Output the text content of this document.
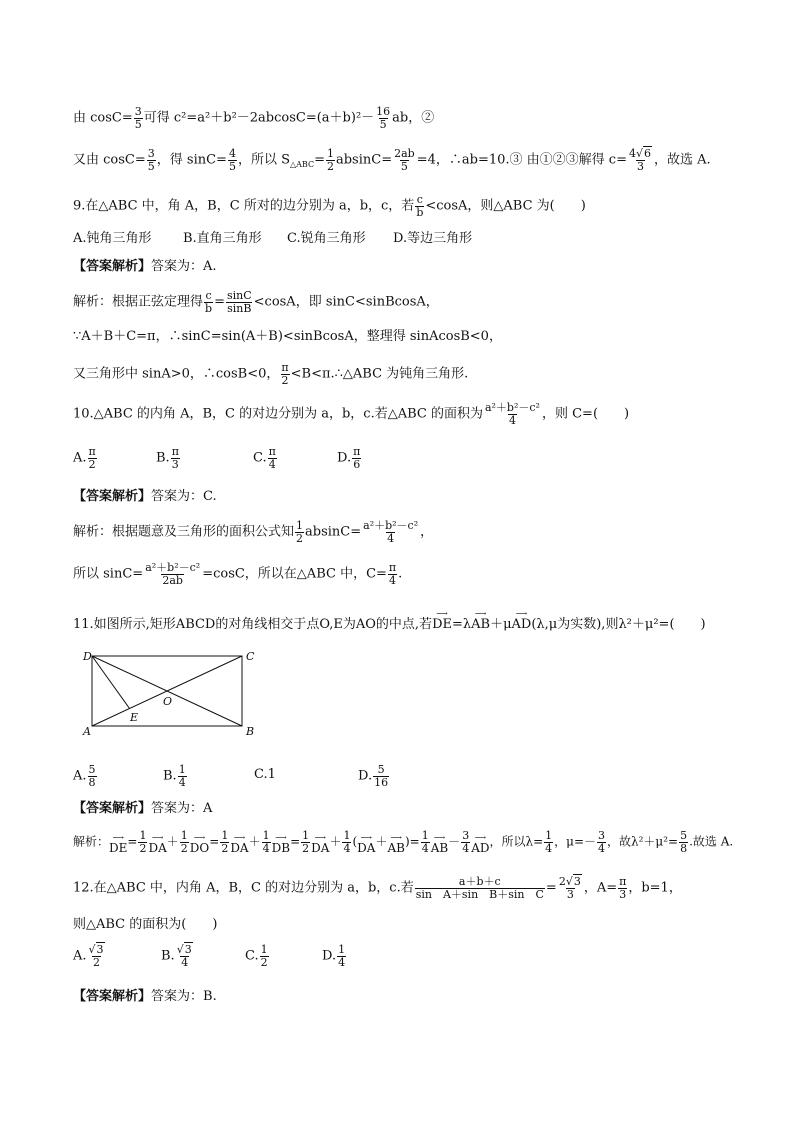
由 $\cos C= \frac{3}{5}$ 可得 $c^2=a^2+b^2-2abcosC=(a+b)^2- \frac{16}{5}$ ab，②
又由 $\cos C= \frac{3}{5}$ ，得 $\sin C= \frac{4}{5}$ ，所以 $S_{\triangle ABC}= \frac{1}{2} absinC= \frac{2ab}{5} =4$，∴ab=10.③ 由①②③解得 $c= \frac{4√6}{3}$ ，故选 A.
9.在△ABC 中，角 A，B，C 所对的边分别为 a，b，c，若 $\frac{c}{b} <\cos A$，则△ABC 为(　　)
A.钝角三角形 B.直角三角形 C.锐角三角形 D.等边三角形
【答案解析】答案为：A.
解析：根据正弦定理得 $\frac{c}{b} = \frac{\sin C}{\sin B} <\cos A$，即 sinC<sinBcosA，
∵A＋B＋C=π，∴sinC=sin(A＋B)<sinBcosA，整理得 sinAcosB<0，
又三角形中 sinA>0，∴cosB<0， $\frac{\pi}{2}$ <B<π.∴△ABC 为钝角三角形.
10.△ABC 的内角 A，B，C 的对边分别为 a，b，c.若△ABC 的面积为 $\frac{\text{a²＋b²－c²}}{4}$ ，则 C=(　　)
A. $\frac{\pi}{2}$	B. $\frac{\pi}{3}$	C. $\frac{\pi}{4}$	D. $\frac{\pi}{6}$
【答案解析】答案为：C.
解析：根据题意及三角形的面积公式知 $\frac{1}{2} absinC= \frac{\text{a²＋b²－c²}}{4}$ ，
所以 $\sin C= \frac{\text{a²＋b²－c²}}{2ab} =\cos C$，所以在△ABC 中，$C= \frac{\pi}{4}$ .
11.如图所示,矩形ABCD的对角线相交于点O,E为AO的中点,若
⟶
DE =λ
⟶
AB ＋μ
⟶
AD (λ,μ为实数),则λ²＋μ²=(　　)
D	C
A	B
O
E
A. $\frac{5}{8}$	B. $\frac{1}{4}$	C.1	D. $\frac{5}{16}$
【答案解析】答案为：A
解析： ⟶
DE = $\frac{1}{2}$ ⟶
DA ＋ $\frac{1}{2}$ ⟶
DO = $\frac{1}{2}$ ⟶
DA ＋ $\frac{1}{4}$ ⟶
DB = $\frac{1}{2}$ ⟶
DA ＋ $\frac{1}{4}$ ( ⟶
DA ＋ ⟶
AB )= $\frac{1}{4}$ ⟶
AB － $\frac{3}{4}$ ⟶
AD ，所以$\lambda= \frac{1}{4}$ ，$\mu=- \frac{3}{4}$ ，故$\lambda^2+\mu^2= \frac{5}{8}$ .故选 A.
12.在△ABC 中，内角 A，B，C 的对边分别为 a，b，c.若 $\frac{a+b+c}{\text{sin　A＋sin　B＋sin　C}} = \frac{2√3}{3}$ ，$A= \frac{\pi}{3}$ ，b=1，
则△ABC 的面积为(　　)
A. $\frac{√3}{2}$	B. $\frac{√3}{4}$	C. $\frac{1}{2}$	D. $\frac{1}{4}$
【答案解析】答案为：B.
